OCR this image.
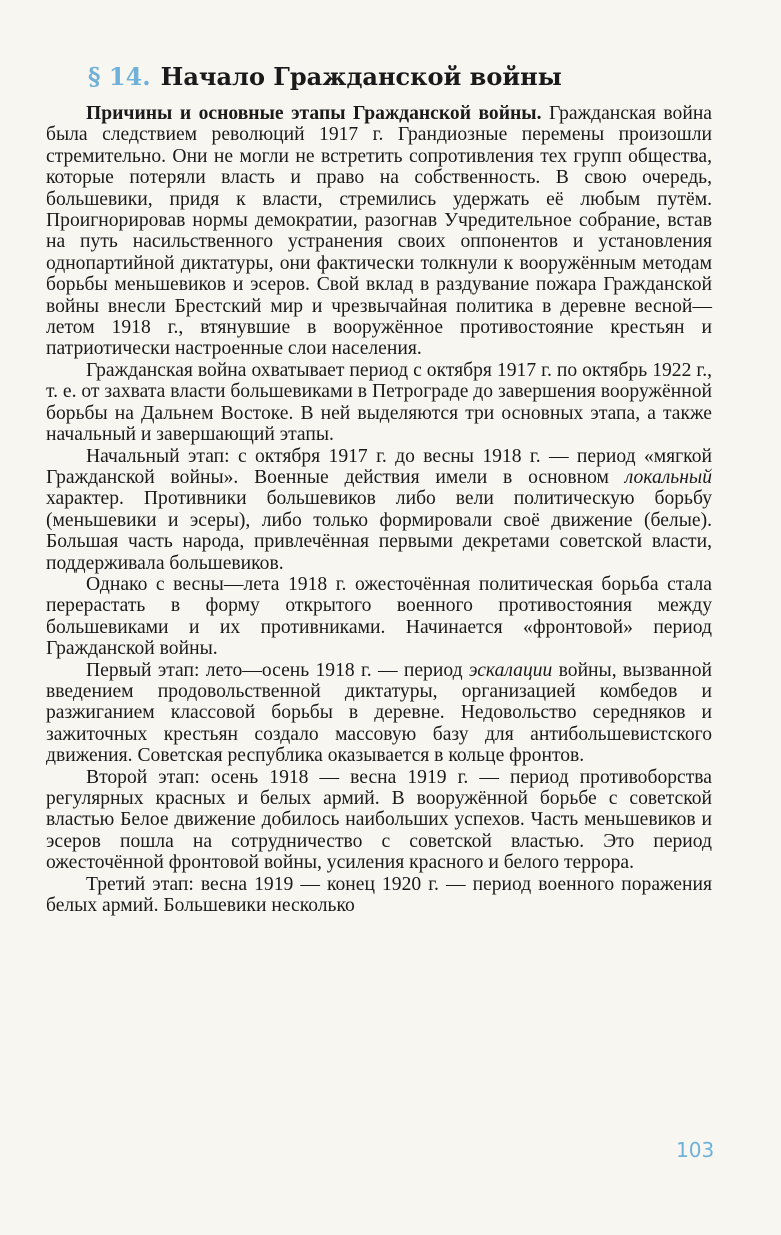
§ 14. Начало Гражданской войны

Причины и основные этапы Гражданской войны. Гражданская война была следствием революций 1917 г. Грандиозные перемены произошли стремительно. Они не могли не встретить сопротивления тех групп общества, которые потеряли власть и право на собственность. В свою очередь, большевики, придя к власти, стремились удержать её любым путём. Проигнорировав нормы демократии, разогнав Учредительное собрание, встав на путь насильственного устранения своих оппонентов и установления однопартийной диктатуры, они фактически толкнули к вооружённым методам борьбы меньшевиков и эсеров. Свой вклад в раздувание пожара Гражданской войны внесли Брестский мир и чрезвычайная политика в деревне весной—летом 1918 г., втянувшие в вооружённое противостояние крестьян и патриотически настроенные слои населения.

Гражданская война охватывает период с октября 1917 г. по октябрь 1922 г., т. е. от захвата власти большевиками в Петрограде до завершения вооружённой борьбы на Дальнем Востоке. В ней выделяются три основных этапа, а также начальный и завершающий этапы.

Начальный этап: с октября 1917 г. до весны 1918 г. — период «мягкой Гражданской войны». Военные действия имели в основном локальный характер. Противники большевиков либо вели политическую борьбу (меньшевики и эсеры), либо только формировали своё движение (белые). Большая часть народа, привлечённая первыми декретами советской власти, поддерживала большевиков.

Однако с весны—лета 1918 г. ожесточённая политическая борьба стала перерастать в форму открытого военного противостояния между большевиками и их противниками. Начинается «фронтовой» период Гражданской войны.

Первый этап: лето—осень 1918 г. — период эскалации войны, вызванной введением продовольственной диктатуры, организацией комбедов и разжиганием классовой борьбы в деревне. Недовольство середняков и зажиточных крестьян создало массовую базу для антибольшевистского движения. Советская республика оказывается в кольце фронтов.

Второй этап: осень 1918 — весна 1919 г. — период противоборства регулярных красных и белых армий. В вооружённой борьбе с советской властью Белое движение добилось наибольших успехов. Часть меньшевиков и эсеров пошла на сотрудничество с советской властью. Это период ожесточённой фронтовой войны, усиления красного и белого террора.

Третий этап: весна 1919 — конец 1920 г. — период военного поражения белых армий. Большевики несколько

103
